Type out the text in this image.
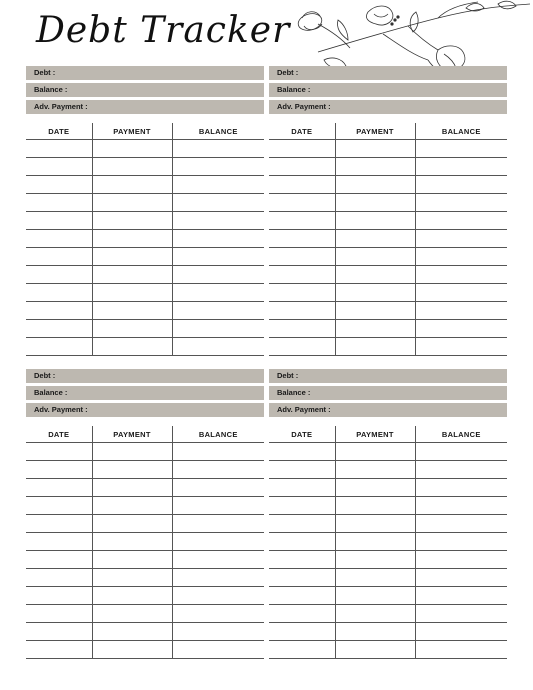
Debt Tracker
Debt :
Balance :
Adv. Payment :
DATE	PAYMENT	BALANCE

Debt :
Balance :
Adv. Payment :
DATE	PAYMENT	BALANCE

Debt :
Balance :
Adv. Payment :
DATE	PAYMENT	BALANCE

Debt :
Balance :
Adv. Payment :
DATE	PAYMENT	BALANCE
